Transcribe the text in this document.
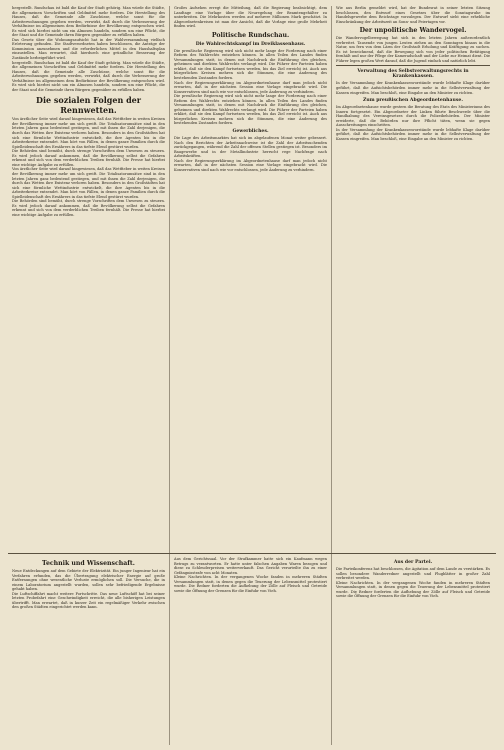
hergestellt. Rundschau ist bald die Kauf der Stadt gehörig. Man würde die Städte, die allgemeinen Vorschriften und Geldmittel mehr fordern. Die Herstellung des Hauses, daß die Gemeinde alle Zuschüsse, welche sonst für die Arbeiterwohnungen gegeben werden, verwirkt, daß durch die Verbesserung der Verhältnisse im allgemeinen dem Bedürfnisse der Bevölkerung entsprochen wird. Es wird sich hierbei nicht um ein Almosen handeln, sondern um eine Pflicht, die der Staat und die Gemeinde ihren Bürgern gegenüber zu erfüllen haben.

Das Gesetz über die Wohnungsaufsicht hat in der Wahlversammlung vielfach Erörterung gefunden. Die Stadtverordneten haben beschlossen, die Anträge der Kommission anzunehmen und die erforderlichen Mittel in den Haushaltsplan einzustellen. Man erwartet, daß hierdurch eine gründliche Besserung der Zustände herbeigeführt wird.

hergestellt. Rundschau ist bald die Kauf der Stadt gehörig. Man würde die Städte, die allgemeinen Vorschriften und Geldmittel mehr fordern. Die Herstellung des Hauses, daß die Gemeinde alle Zuschüsse, welche sonst für die Arbeiterwohnungen gegeben werden, verwirkt, daß durch die Verbesserung der Verhältnisse im allgemeinen dem Bedürfnisse der Bevölkerung entsprochen wird. Es wird sich hierbei nicht um ein Almosen handeln, sondern um eine Pflicht, die der Staat und die Gemeinde ihren Bürgern gegenüber zu erfüllen haben.

Die sozialen Folgen der Rennwetten.

Von ärztlicher Seite wird darauf hingewiesen, daß das Wettfieber in weiten Kreisen der Bevölkerung immer mehr um sich greift. Die Totalisatorumsätze sind in den letzten Jahren ganz bedeutend gestiegen, und mit ihnen die Zahl derjenigen, die durch das Wetten ihre Existenz verloren haben. Besonders in den Großstädten hat sich eine förmliche Wettindustrie entwickelt, die ihre Agenten bis in die Arbeiterkreise entsendet. Man hört von Fällen, in denen ganze Familien durch die Spielleidenschaft des Ernährers in das tiefste Elend gestürzt wurden.

Die Behörden sind bemüht, durch strenge Vorschriften dem Unwesen zu steuern. Es wird jedoch darauf ankommen, daß die Bevölkerung selbst die Gefahren erkennt und sich von dem verderblichen Treiben fernhält. Die Presse hat hierbei eine wichtige Aufgabe zu erfüllen.

Von ärztlicher Seite wird darauf hingewiesen, daß das Wettfieber in weiten Kreisen der Bevölkerung immer mehr um sich greift. Die Totalisatorumsätze sind in den letzten Jahren ganz bedeutend gestiegen, und mit ihnen die Zahl derjenigen, die durch das Wetten ihre Existenz verloren haben. Besonders in den Großstädten hat sich eine förmliche Wettindustrie entwickelt, die ihre Agenten bis in die Arbeiterkreise entsendet. Man hört von Fällen, in denen ganze Familien durch die Spielleidenschaft des Ernährers in das tiefste Elend gestürzt wurden.

Die Behörden sind bemüht, durch strenge Vorschriften dem Unwesen zu steuern. Es wird jedoch darauf ankommen, daß die Bevölkerung selbst die Gefahren erkennt und sich von dem verderblichen Treiben fernhält. Die Presse hat hierbei eine wichtige Aufgabe zu erfüllen.

Großes Aufsehen erregt die Mitteilung, daß die Regierung beabsichtigt, dem Landtage eine Vorlage über die Neuregelung der Beamtengehälter zu unterbreiten. Die Mehrkosten werden auf mehrere Millionen Mark geschätzt. In Abgeordnetenkreisen ist man der Ansicht, daß die Vorlage eine große Mehrheit finden wird.

Politische Rundschau.
Die Wahlrechtskampf im Dreiklassenhaus.

Die preußische Regierung wird sich nicht mehr lange der Forderung nach einer Reform des Wahlrechts entziehen können. In allen Teilen des Landes finden Versammlungen statt, in denen mit Nachdruck die Einführung des gleichen, geheimen und direkten Wahlrechts verlangt wird. Die Führer der Parteien haben erklärt, daß sie den Kampf fortsetzen werden, bis das Ziel erreicht ist. Auch aus bürgerlichen Kreisen mehren sich die Stimmen, die eine Änderung des bestehenden Zustandes fordern.

Nach der Regierungserklärung im Abgeordnetenhause darf man jedoch nicht erwarten, daß in der nächsten Session eine Vorlage eingebracht wird. Die Konservativen sind nach wie vor entschlossen, jede Änderung zu verhindern.

Die preußische Regierung wird sich nicht mehr lange der Forderung nach einer Reform des Wahlrechts entziehen können. In allen Teilen des Landes finden Versammlungen statt, in denen mit Nachdruck die Einführung des gleichen, geheimen und direkten Wahlrechts verlangt wird. Die Führer der Parteien haben erklärt, daß sie den Kampf fortsetzen werden, bis das Ziel erreicht ist. Auch aus bürgerlichen Kreisen mehren sich die Stimmen, die eine Änderung des bestehenden Zustandes fordern.

Gewerbliches.

Die Lage des Arbeitsmarktes hat sich im abgelaufenen Monat weiter gebessert. Nach den Berichten der Arbeitsnachweise ist die Zahl der Arbeitsuchenden zurückgegangen, während die Zahl der offenen Stellen gestiegen ist. Besonders im Baugewerbe und in der Metallindustrie herrscht rege Nachfrage nach Arbeitskräften.

Nach der Regierungserklärung im Abgeordnetenhause darf man jedoch nicht erwarten, daß in der nächsten Session eine Vorlage eingebracht wird. Die Konservativen sind nach wie vor entschlossen, jede Änderung zu verhindern.

Wie aus Berlin gemeldet wird, hat der Bundesrat in seiner letzten Sitzung beschlossen, den Entwurf eines Gesetzes über die Sonntagsruhe im Handelsgewerbe dem Reichstage vorzulegen. Der Entwurf sieht eine erhebliche Einschränkung der Arbeitszeit an Sonn- und Feiertagen vor.

Der unpolitische Wandervogel.

Die Wandervogelbewegung hat sich in den letzten Jahren außerordentlich verbreitet. Tausende von jungen Leuten ziehen an den Sonntagen hinaus in die Natur, um fern von dem Lärm der Großstadt Erholung und Kräftigung zu suchen. Es ist bezeichnend, daß die Bewegung sich von jeder politischen Betätigung fernhält und nur der Pflege der Kameradschaft und der Liebe zur Heimat dient. Die Führer legen großen Wert darauf, daß die Jugend einfach und natürlich lebt.

Verwaltung des Selbstverwaltungsrechts in Krankenkassen.

In der Versammlung der Krankenkassenvorstände wurde lebhafte Klage darüber geführt, daß die Aufsichtsbehörden immer mehr in die Selbstverwaltung der Kassen eingreifen. Man beschloß, eine Eingabe an den Minister zu richten.

Zum preußischen Abgeordnetenhause.

Im Abgeordnetenhause wurde gestern die Beratung des Etats des Ministeriums des Innern fortgesetzt. Ein Abgeordneter der Linken führte Beschwerde über die Handhabung des Vereinsgesetzes durch die Polizeibehörden. Der Minister erwiderte, daß die Behörden nur ihre Pflicht täten, wenn sie gegen Ausschreitungen einschritten.

In der Versammlung der Krankenkassenvorstände wurde lebhafte Klage darüber geführt, daß die Aufsichtsbehörden immer mehr in die Selbstverwaltung der Kassen eingreifen. Man beschloß, eine Eingabe an den Minister zu richten.

Technik und Wissenschaft.

Neue Entdeckungen auf dem Gebiete der Elektrizität. Ein junger Ingenieur hat ein Verfahren erfunden, das die Übertragung elektrischer Energie auf große Entfernungen ohne wesentliche Verluste ermöglichen soll. Die Versuche, die in einem Laboratorium angestellt wurden, sollen sehr befriedigende Ergebnisse gehabt haben.

Die Luftschiffahrt macht weitere Fortschritte. Das neue Luftschiff hat bei seiner letzten Probefahrt eine Geschwindigkeit erreicht, die alle bisherigen Leistungen übertrifft. Man erwartet, daß in kurzer Zeit ein regelmäßiger Verkehr zwischen den großen Städten eingerichtet werden kann.

Aus dem Gerichtssaal. Vor der Strafkammer hatte sich ein Kaufmann wegen Betrugs zu verantworten. Er hatte unter falschen Angaben Waren bezogen und diese zu Schleuderpreisen weiterverkauft. Das Gericht verurteilte ihn zu einer Gefängnisstrafe von acht Monaten.

Kleine Nachrichten. In der vergangenen Woche fanden in mehreren Städten Versammlungen statt, in denen gegen die Teuerung der Lebensmittel protestiert wurde. Die Redner forderten die Aufhebung der Zölle auf Fleisch und Getreide sowie die Öffnung der Grenzen für die Einfuhr von Vieh.

Aus der Partei.

Die Parteikonferenz hat beschlossen, die Agitation auf dem Lande zu verstärken. Es sollen besondere Wanderredner angestellt und Flugblätter in großer Zahl verbreitet werden.

Kleine Nachrichten. In der vergangenen Woche fanden in mehreren Städten Versammlungen statt, in denen gegen die Teuerung der Lebensmittel protestiert wurde. Die Redner forderten die Aufhebung der Zölle auf Fleisch und Getreide sowie die Öffnung der Grenzen für die Einfuhr von Vieh.
